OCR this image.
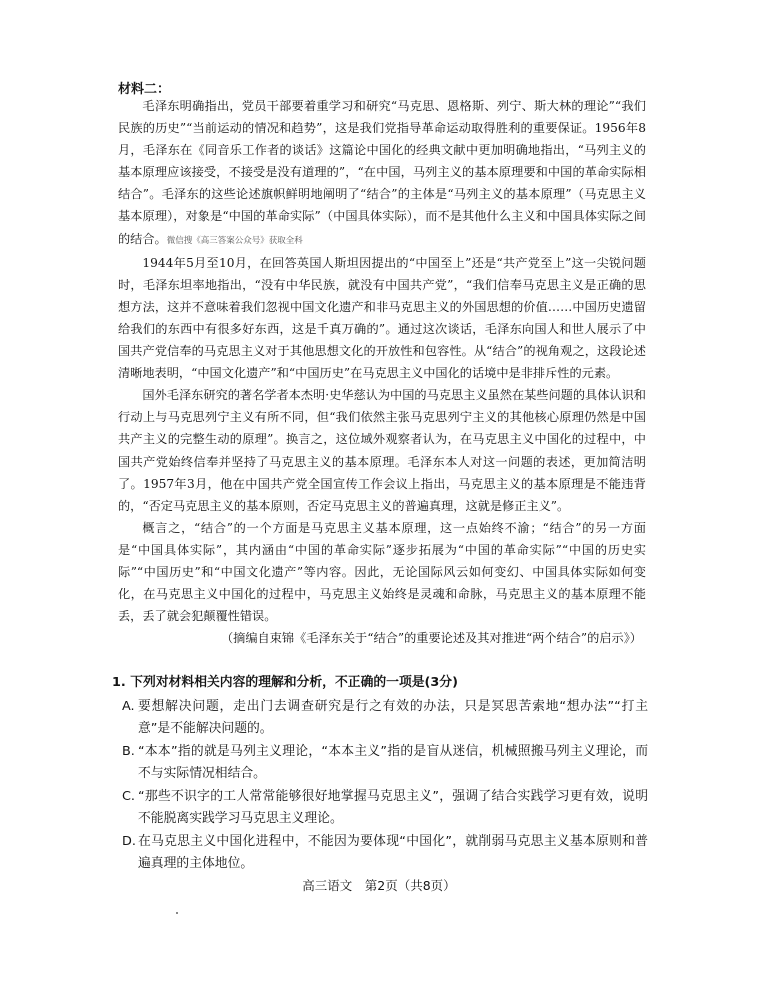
材料二：

毛泽东明确指出，党员干部要着重学习和研究“马克思、恩格斯、列宁、斯大林的理论”“我们民族的历史”“当前运动的情况和趋势”，这是我们党指导革命运动取得胜利的重要保证。1956年8月，毛泽东在《同音乐工作者的谈话》这篇论中国化的经典文献中更加明确地指出，“马列主义的基本原理应该接受，不接受是没有道理的”，“在中国，马列主义的基本原理要和中国的革命实际相结合”。毛泽东的这些论述旗帜鲜明地阐明了“结合”的主体是“马列主义的基本原理”（马克思主义基本原理），对象是“中国的革命实际”（中国具体实际），而不是其他什么主义和中国具体实际之间的结合。微信搜《高三答案公众号》获取全科

1944年5月至10月，在回答英国人斯坦因提出的“中国至上”还是“共产党至上”这一尖锐问题时，毛泽东坦率地指出，“没有中华民族，就没有中国共产党”，“我们信奉马克思主义是正确的思想方法，这并不意味着我们忽视中国文化遗产和非马克思主义的外国思想的价值……中国历史遗留给我们的东西中有很多好东西，这是千真万确的”。通过这次谈话，毛泽东向国人和世人展示了中国共产党信奉的马克思主义对于其他思想文化的开放性和包容性。从“结合”的视角观之，这段论述清晰地表明，“中国文化遗产”和“中国历史”在马克思主义中国化的话境中是非排斥性的元素。

国外毛泽东研究的著名学者本杰明·史华慈认为中国的马克思主义虽然在某些问题的具体认识和行动上与马克思列宁主义有所不同，但“我们依然主张马克思列宁主义的其他核心原理仍然是中国共产主义的完整生动的原理”。换言之，这位域外观察者认为，在马克思主义中国化的过程中，中国共产党始终信奉并坚持了马克思主义的基本原理。毛泽东本人对这一问题的表述，更加简洁明了。1957年3月，他在中国共产党全国宣传工作会议上指出，马克思主义的基本原理是不能违背的，“否定马克思主义的基本原则，否定马克思主义的普遍真理，这就是修正主义”。

概言之，“结合”的一个方面是马克思主义基本原理，这一点始终不渝；“结合”的另一方面是“中国具体实际”，其内涵由“中国的革命实际”逐步拓展为“中国的革命实际”“中国的历史实际”“中国历史”和“中国文化遗产”等内容。因此，无论国际风云如何变幻、中国具体实际如何变化，在马克思主义中国化的过程中，马克思主义始终是灵魂和命脉，马克思主义的基本原理不能丢，丢了就会犯颠覆性错误。

（摘编自束锦《毛泽东关于“结合”的重要论述及其对推进“两个结合”的启示》）
1. 下列对材料相关内容的理解和分析，不正确的一项是(3分)
A. 要想解决问题，走出门去调查研究是行之有效的办法，只是冥思苦索地“想办法”“打主意”是不能解决问题的。
B. “本本”指的就是马列主义理论，“本本主义”指的是盲从迷信，机械照搬马列主义理论，而不与实际情况相结合。
C. “那些不识字的工人常常能够很好地掌握马克思主义”，强调了结合实践学习更有效，说明不能脱离实践学习马克思主义理论。
D. 在马克思主义中国化进程中，不能因为要体现“中国化”，就削弱马克思主义基本原则和普遍真理的主体地位。
高三语文　第2页（共8页）
